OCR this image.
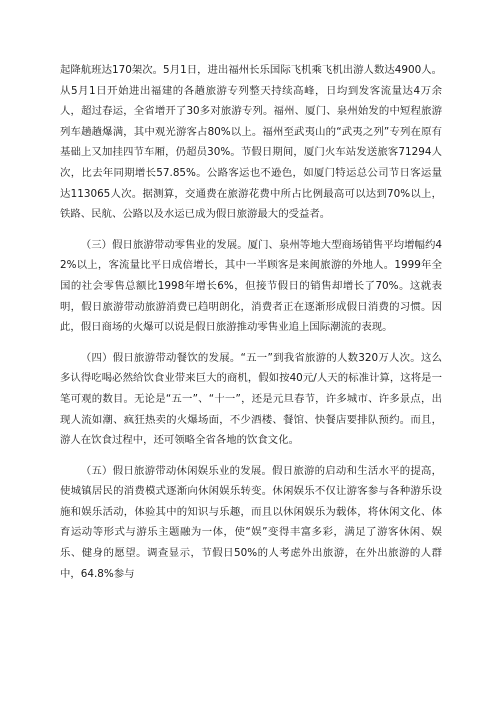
起降航班达170架次。5月1日，进出福州长乐国际飞机乘飞机出游人数达4900人。从5月1日开始进出福建的各趟旅游专列整天持续高峰，日均到发客流量达4万余人，超过春运，全省增开了30多对旅游专列。福州、厦门、泉州始发的中短程旅游列车趟趟爆满，其中观光游客占80%以上。福州至武夷山的“武夷之列”专列在原有基础上又加挂四节车厢，仍超员30%。节假日期间，厦门火车站发送旅客71294人次，比去年同期增长57.85%。公路客运也不逊色，如厦门特运总公司节日客运量达113065人次。据测算，交通费在旅游花费中所占比例最高可以达到70%以上，铁路、民航、公路以及水运已成为假日旅游最大的受益者。

（三）假日旅游带动零售业的发展。厦门、泉州等地大型商场销售平均增幅约42%以上，客流量比平日成倍增长，其中一半顾客是来闽旅游的外地人。1999年全国的社会零售总额比1998年增长6%，但接节假日的销售却增长了70%。这就表明，假日旅游带动旅游消费已趋明朗化，消费者正在逐渐形成假日消费的习惯。因此，假日商场的火爆可以说是假日旅游推动零售业追上国际潮流的表现。

（四）假日旅游带动餐饮的发展。“五一”到我省旅游的人数320万人次。这么多认得吃喝必然给饮食业带来巨大的商机，假如按40元/人天的标准计算，这将是一笔可观的数目。无论是“五一”、“十一”，还是元旦春节，许多城市、许多景点，出现人流如潮、疯狂热卖的火爆场面，不少酒楼、餐馆、快餐店要排队预约。而且，游人在饮食过程中，还可领略全省各地的饮食文化。

（五）假日旅游带动休闲娱乐业的发展。假日旅游的启动和生活水平的提高，使城镇居民的消费模式逐渐向休闲娱乐转变。休闲娱乐不仅让游客参与各种游乐设施和娱乐活动，体验其中的知识与乐趣，而且以休闲娱乐为载体，将休闲文化、体育运动等形式与游乐主题融为一体，使“娱”变得丰富多彩，满足了游客休闲、娱乐、健身的愿望。调查显示，节假日50%的人考虑外出旅游，在外出旅游的人群中，64.8%参与
